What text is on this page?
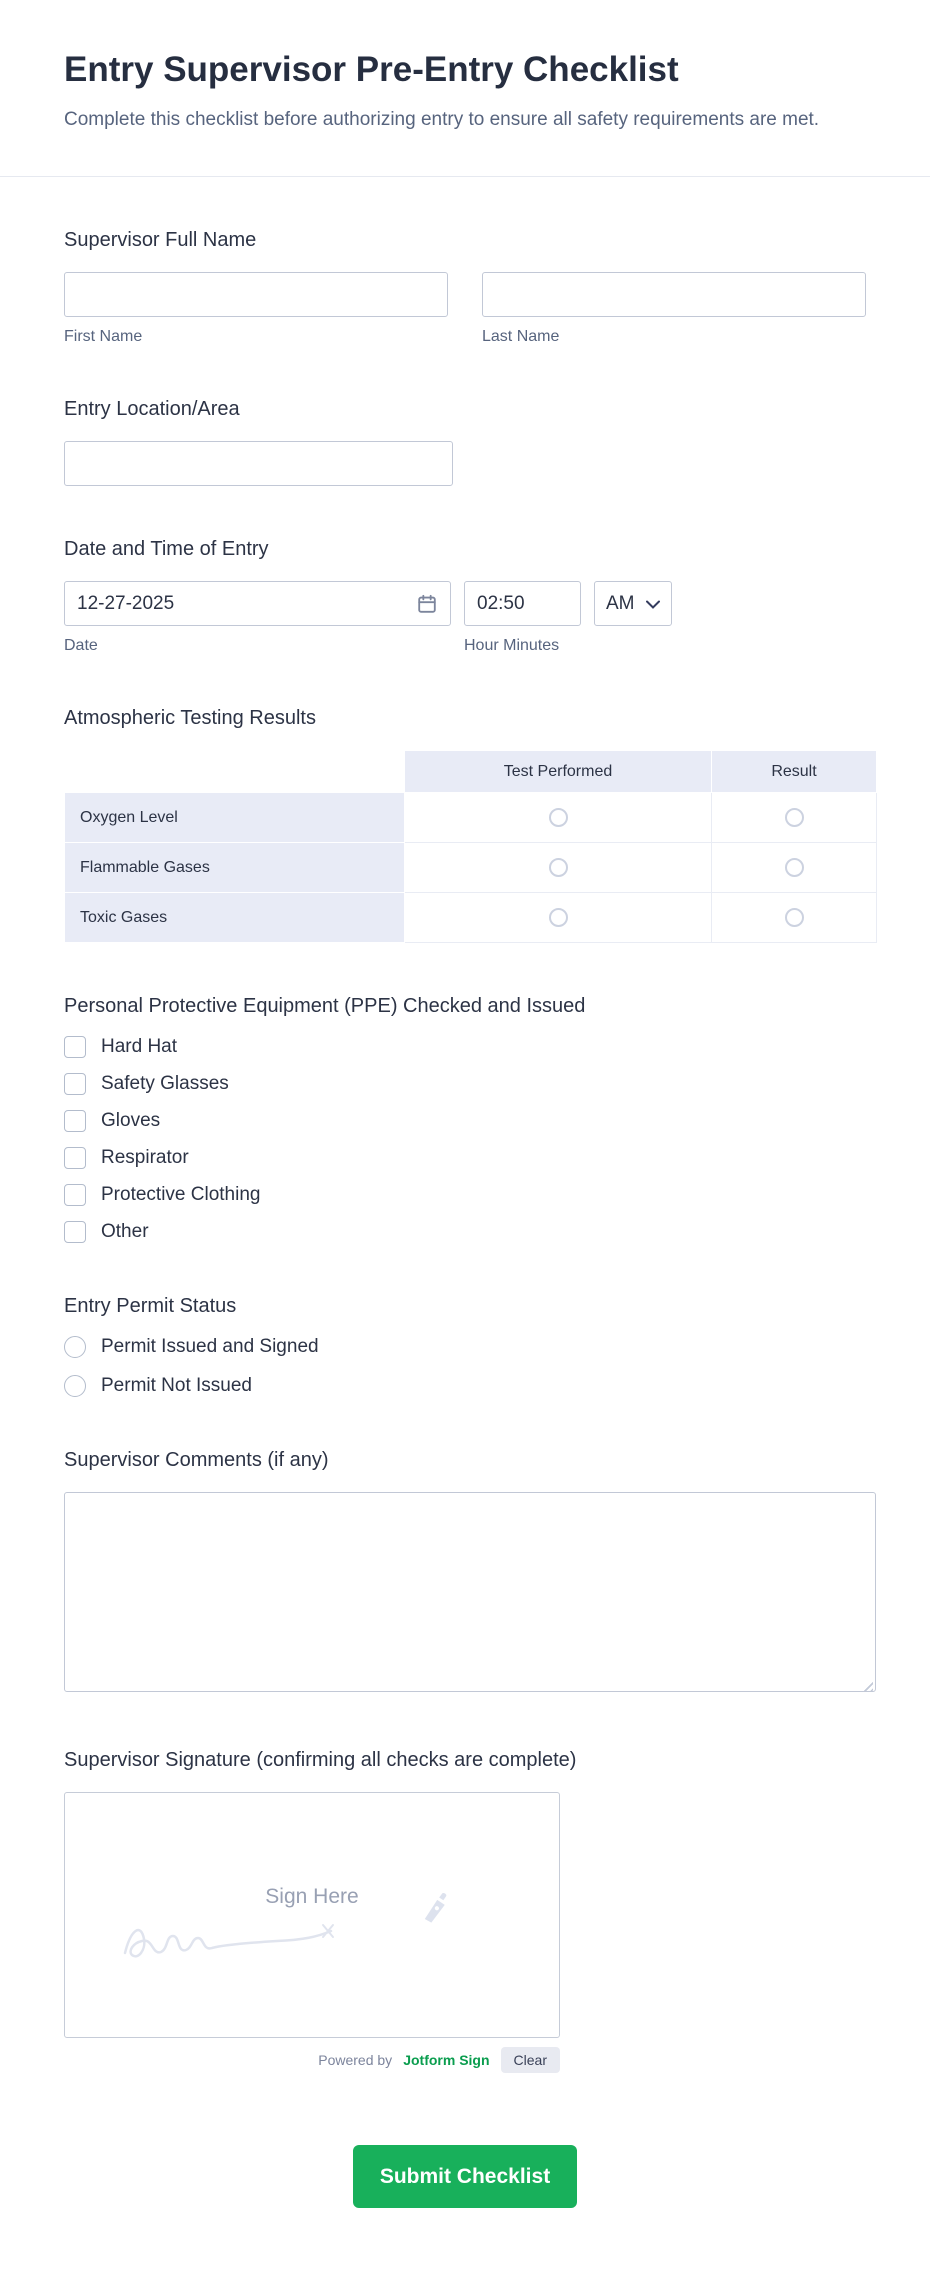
Entry Supervisor Pre-Entry Checklist
Complete this checklist before authorizing entry to ensure all safety requirements are met.
Supervisor Full Name
First Name	Last Name
Entry Location/Area
Date and Time of Entry
12-27-2025
02:50
AM
Date	Hour Minutes
Atmospheric Testing Results
	Test Performed	Result
Oxygen Level		
Flammable Gases		
Toxic Gases		
Personal Protective Equipment (PPE) Checked and Issued
Hard Hat
Safety Glasses
Gloves
Respirator
Protective Clothing
Other
Entry Permit Status
Permit Issued and Signed
Permit Not Issued
Supervisor Comments (if any)
Supervisor Signature (confirming all checks are complete)
Sign Here
Powered by Jotform Sign	Clear
Submit Checklist
